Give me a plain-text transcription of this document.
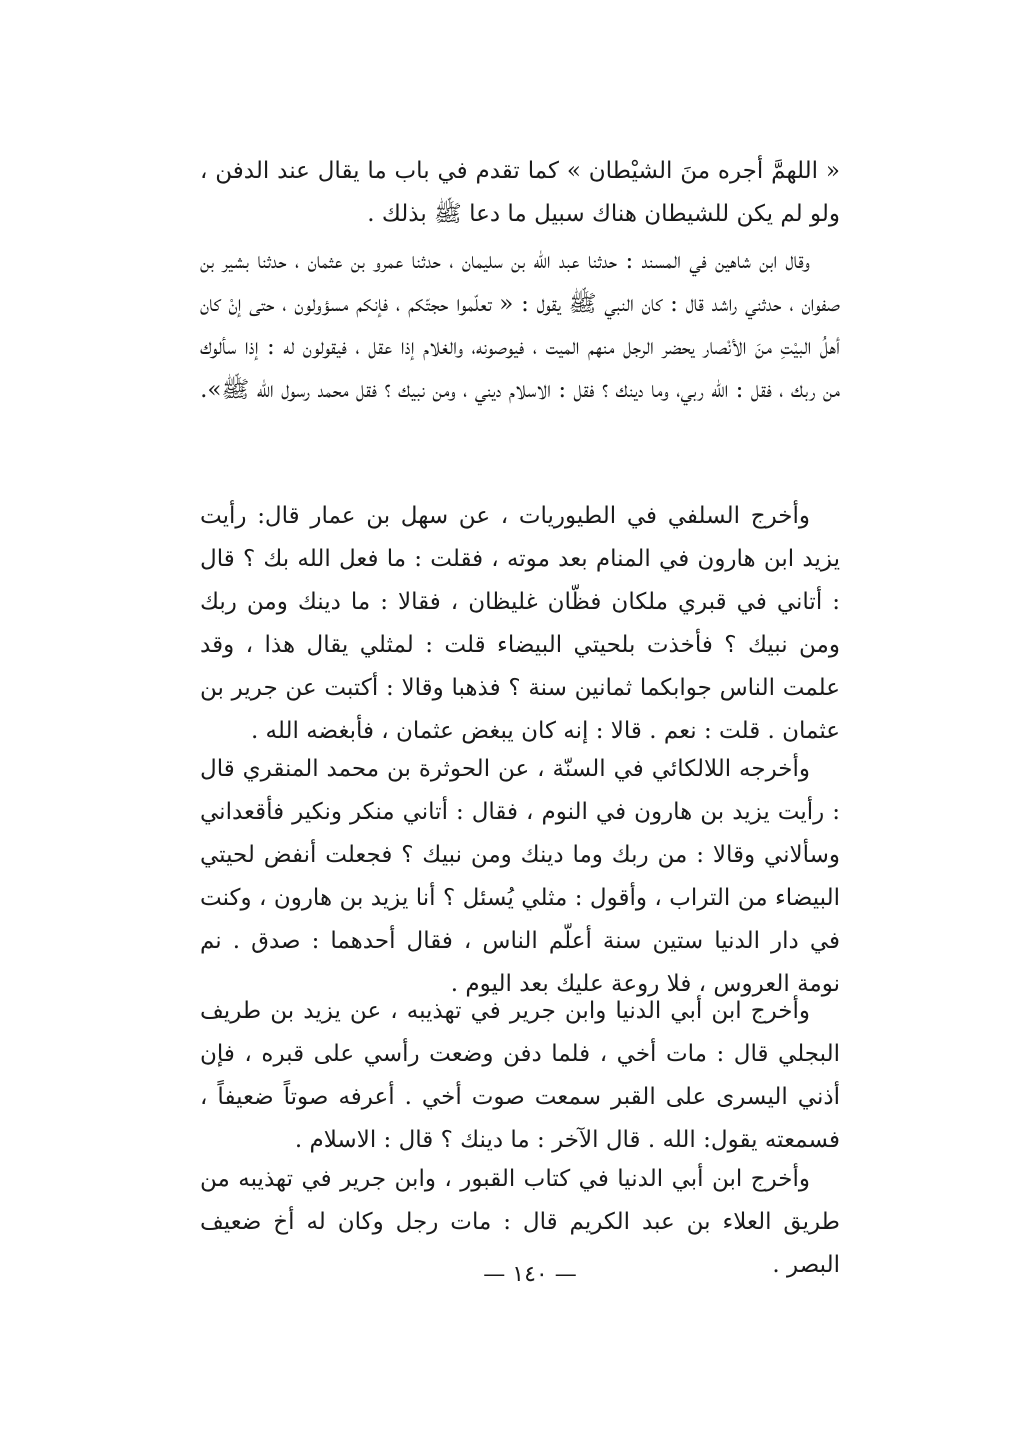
« اللهمَّ أجره منَ الشيْطان » كما تقدم في باب ما يقال عند الدفن ، ولو لم يكن للشيطان هناك سبيل ما دعا ﷺ بذلك .

وقال ابن شاهين في المسند : حدثنا عبد الله بن سليمان ، حدثنا عمرو بن عثمان ، حدثنا بشير بن صفوان ، حدثني راشد قال : كان النبي ﷺ يقول : « تعلّموا حجتّكم ، فإنكم مسؤولون ، حتى إنْ كان أهلُ البيْتِ منَ الأنْصار يحضر الرجل منهم الميت ، فيوصونه، والغلام إذا عقل ، فيقولون له : إذا سألوك من ربك ، فقل : الله ربي، وما دينك ؟ فقل : الاسلام ديني ، ومن نبيك ؟ فقل محمد رسول الله ﷺ».

وأخرج السلفي في الطيوريات ، عن سهل بن عمار قال: رأيت يزيد ابن هارون في المنام بعد موته ، فقلت : ما فعل الله بك ؟ قال : أتاني في قبري ملكان فظّان غليظان ، فقالا : ما دينك ومن ربك ومن نبيك ؟ فأخذت بلحيتي البيضاء قلت : لمثلي يقال هذا ، وقد علمت الناس جوابكما ثمانين سنة ؟ فذهبا وقالا : أكتبت عن جرير بن عثمان . قلت : نعم . قالا : إنه كان يبغض عثمان ، فأبغضه الله .

وأخرجه اللالكائي في السنّة ، عن الحوثرة بن محمد المنقري قال : رأيت يزيد بن هارون في النوم ، فقال : أتاني منكر ونكير فأقعداني وسألاني وقالا : من ربك وما دينك ومن نبيك ؟ فجعلت أنفض لحيتي البيضاء من التراب ، وأقول : مثلي يُسئل ؟ أنا يزيد بن هارون ، وكنت في دار الدنيا ستين سنة أعلّم الناس ، فقال أحدهما : صدق . نم نومة العروس ، فلا روعة عليك بعد اليوم .

وأخرج ابن أبي الدنيا وابن جرير في تهذيبه ، عن يزيد بن طريف البجلي قال : مات أخي ، فلما دفن وضعت رأسي على قبره ، فإن أذني اليسرى على القبر سمعت صوت أخي . أعرفه صوتاً ضعيفاً ، فسمعته يقول: الله . قال الآخر : ما دينك ؟ قال : الاسلام .

وأخرج ابن أبي الدنيا في كتاب القبور ، وابن جرير في تهذيبه من طريق العلاء بن عبد الكريم قال : مات رجل وكان له أخ ضعيف البصر .

— ١٤٠ —
